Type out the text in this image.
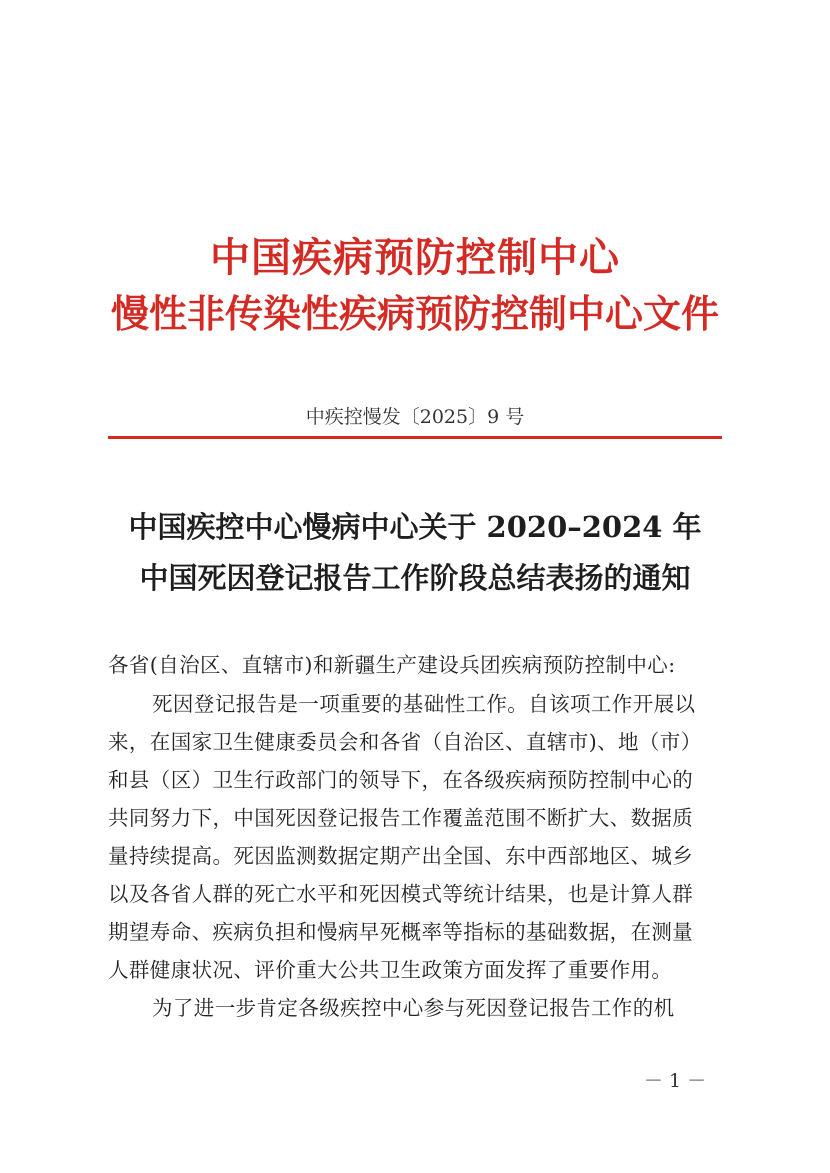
中国疾病预防控制中心
慢性非传染性疾病预防控制中心文件
中疾控慢发〔2025〕9 号
中国疾控中心慢病中心关于 2020–2024 年
中国死因登记报告工作阶段总结表扬的通知
各省(自治区、直辖市)和新疆生产建设兵团疾病预防控制中心:
死因登记报告是一项重要的基础性工作。自该项工作开展以
来，在国家卫生健康委员会和各省（自治区、直辖市)、地（市）
和县（区）卫生行政部门的领导下，在各级疾病预防控制中心的
共同努力下，中国死因登记报告工作覆盖范围不断扩大、数据质
量持续提高。死因监测数据定期产出全国、东中西部地区、城乡
以及各省人群的死亡水平和死因模式等统计结果，也是计算人群
期望寿命、疾病负担和慢病早死概率等指标的基础数据，在测量
人群健康状况、评价重大公共卫生政策方面发挥了重要作用。
为了进一步肯定各级疾控中心参与死因登记报告工作的机
－ 1 －
